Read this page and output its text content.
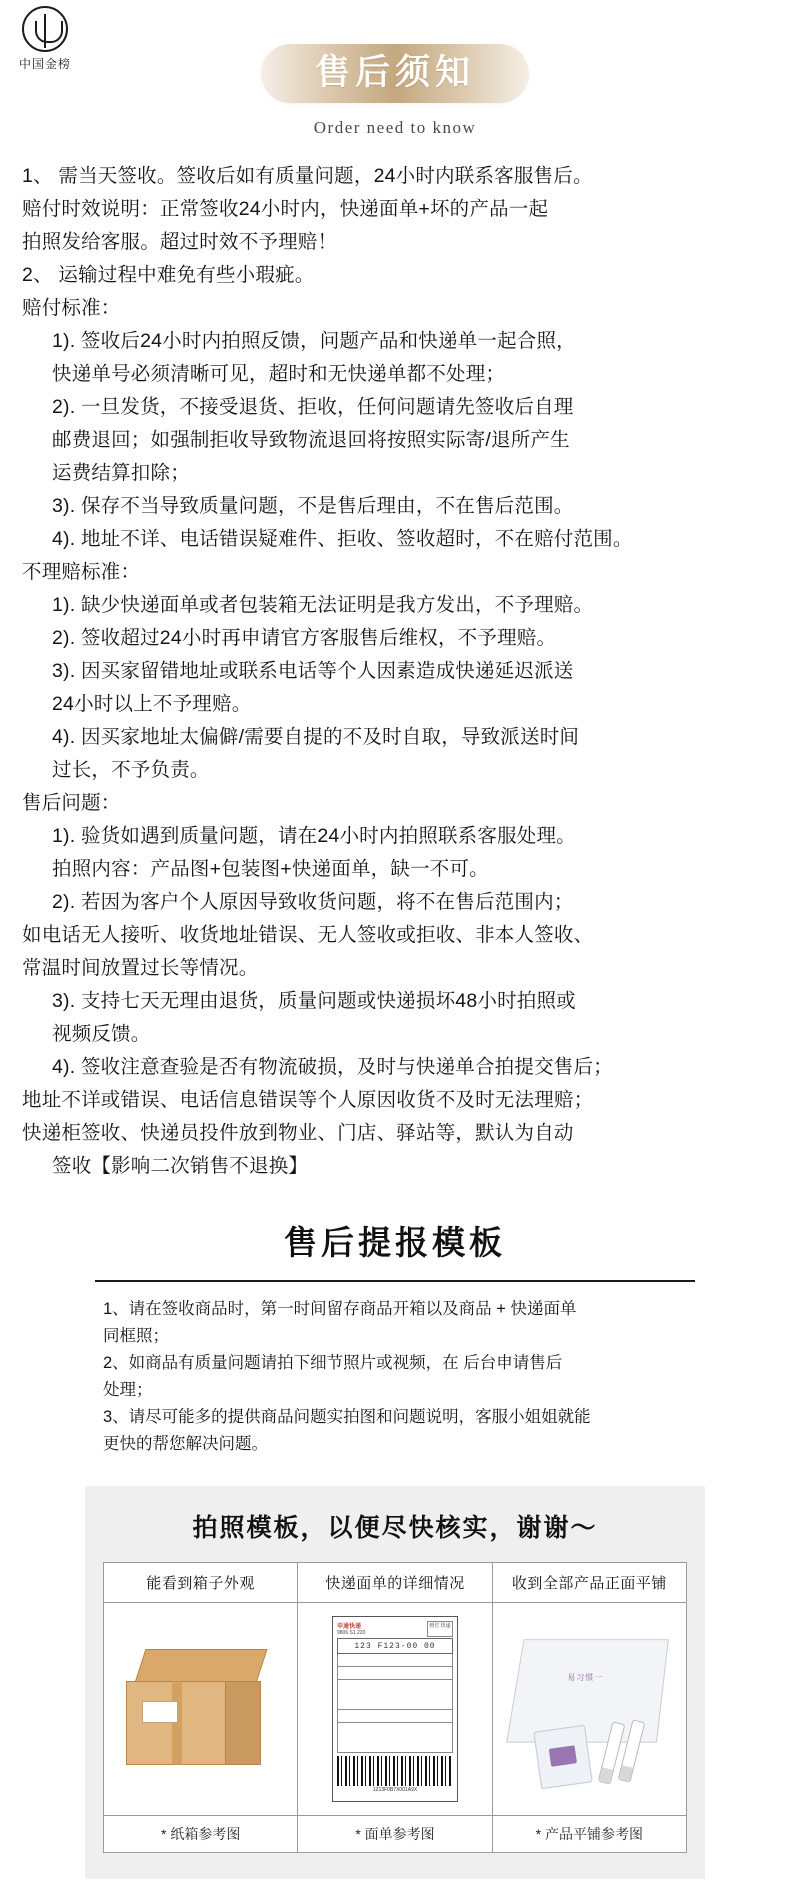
中国金榜	售后须知
Order need to know

1、 需当天签收。签收后如有质量问题，24小时内联系客服售后。

赔付时效说明：正常签收24小时内，快递面单+坏的产品一起

拍照发给客服。超过时效不予理赔！

2、 运输过程中难免有些小瑕疵。

赔付标准：

1). 签收后24小时内拍照反馈，问题产品和快递单一起合照，

快递单号必须清晰可见，超时和无快递单都不处理；

2). 一旦发货，不接受退货、拒收，任何问题请先签收后自理

邮费退回；如强制拒收导致物流退回将按照实际寄/退所产生

运费结算扣除；

3). 保存不当导致质量问题，不是售后理由，不在售后范围。

4). 地址不详、电话错误疑难件、拒收、签收超时，不在赔付范围。

不理赔标准：

1). 缺少快递面单或者包装箱无法证明是我方发出，不予理赔。

2). 签收超过24小时再申请官方客服售后维权，不予理赔。

3). 因买家留错地址或联系电话等个人因素造成快递延迟派送

24小时以上不予理赔。

4). 因买家地址太偏僻/需要自提的不及时自取，导致派送时间

过长，不予负责。

售后问题：

1). 验货如遇到质量问题，请在24小时内拍照联系客服处理。

拍照内容：产品图+包装图+快递面单，缺一不可。

2). 若因为客户个人原因导致收货问题，将不在售后范围内；

如电话无人接听、收货地址错误、无人签收或拒收、非本人签收、

常温时间放置过长等情况。

3). 支持七天无理由退货，质量问题或快递损坏48小时拍照或

视频反馈。

4). 签收注意查验是否有物流破损，及时与快递单合拍提交售后；

地址不详或错误、电话信息错误等个人原因收货不及时无法理赔；

快递柜签收、快递员投件放到物业、门店、驿站等，默认为自动

签收【影响二次销售不退换】

售后提报模板

1、请在签收商品时，第一时间留存商品开箱以及商品 + 快递面单

同框照；

2、如商品有质量问题请拍下细节照片或视频，在 后台申请售后

处理；

3、请尽可能多的提供商品问题实拍图和问题说明，客服小姐姐就能

更快的帮您解决问题。

拍照模板，以便尽快核实，谢谢～
能看到箱子外观
* 纸箱参考图
快递面单的详细情况
申通快递
9806 S1 220
到付 快递
123 F123-00 00
1Z13F0B7X001A9X
* 面单参考图
收到全部产品正面平铺
易习惯一
* 产品平铺参考图
